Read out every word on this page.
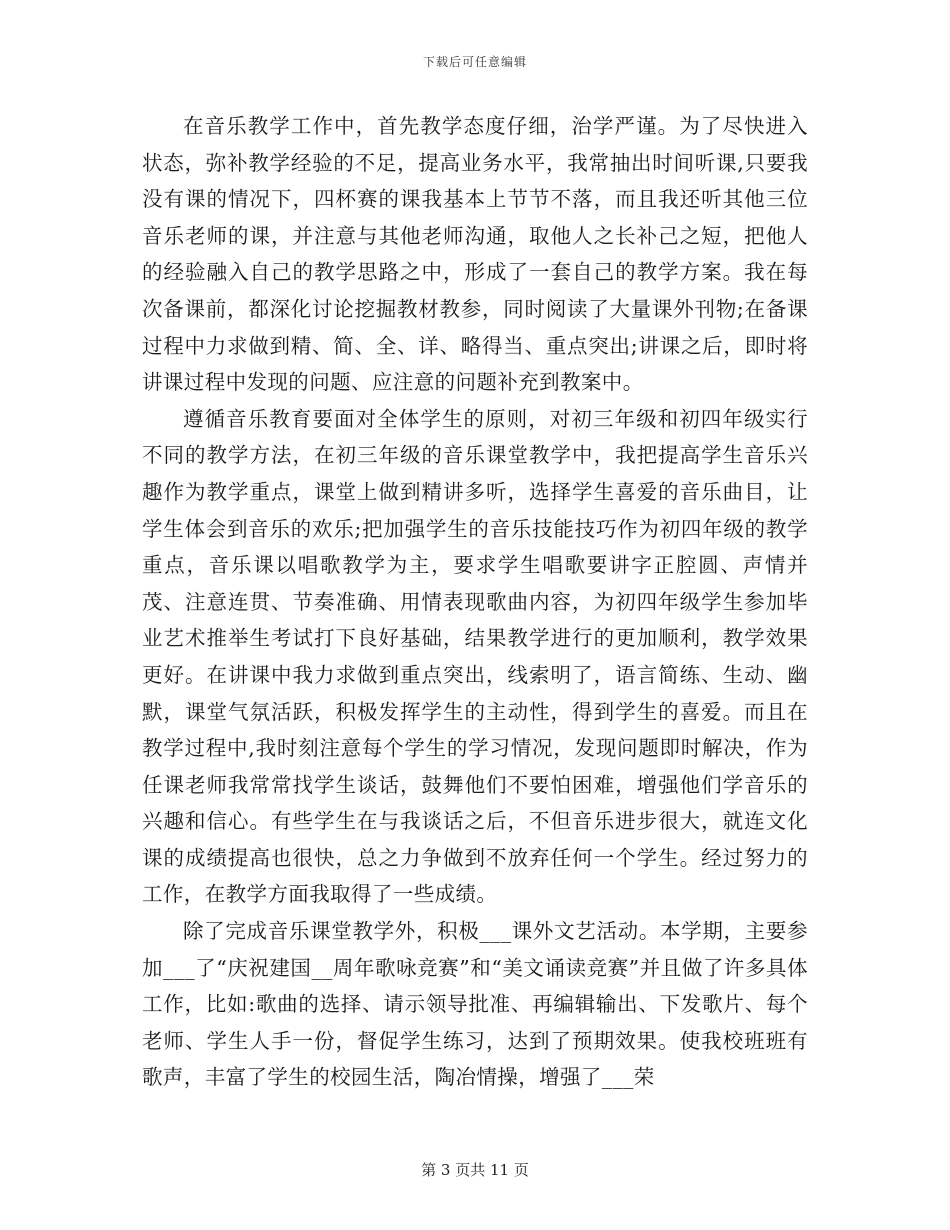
下载后可任意编辑

在音乐教学工作中，首先教学态度仔细，治学严谨。为了尽快进入状态，弥补教学经验的不足，提高业务水平，我常抽出时间听课,只要我没有课的情况下，四杯赛的课我基本上节节不落，而且我还听其他三位音乐老师的课，并注意与其他老师沟通，取他人之长补己之短，把他人的经验融入自己的教学思路之中，形成了一套自己的教学方案。我在每次备课前，都深化讨论挖掘教材教参，同时阅读了大量课外刊物;在备课过程中力求做到精、简、全、详、略得当、重点突出;讲课之后，即时将讲课过程中发现的问题、应注意的问题补充到教案中。

遵循音乐教育要面对全体学生的原则，对初三年级和初四年级实行不同的教学方法，在初三年级的音乐课堂教学中，我把提高学生音乐兴趣作为教学重点，课堂上做到精讲多听，选择学生喜爱的音乐曲目，让学生体会到音乐的欢乐;把加强学生的音乐技能技巧作为初四年级的教学重点，音乐课以唱歌教学为主，要求学生唱歌要讲字正腔圆、声情并茂、注意连贯、节奏准确、用情表现歌曲内容，为初四年级学生参加毕业艺术推举生考试打下良好基础，结果教学进行的更加顺利，教学效果更好。在讲课中我力求做到重点突出，线索明了，语言简练、生动、幽默，课堂气氛活跃，积极发挥学生的主动性，得到学生的喜爱。而且在教学过程中,我时刻注意每个学生的学习情况，发现问题即时解决，作为任课老师我常常找学生谈话，鼓舞他们不要怕困难，增强他们学音乐的兴趣和信心。有些学生在与我谈话之后，不但音乐进步很大，就连文化课的成绩提高也很快，总之力争做到不放弃任何一个学生。经过努力的工作，在教学方面我取得了一些成绩。

除了完成音乐课堂教学外，积极___课外文艺活动。本学期，主要参加___了“庆祝建国__周年歌咏竞赛”和“美文诵读竞赛”并且做了许多具体工作，比如:歌曲的选择、请示领导批准、再编辑输出、下发歌片、每个老师、学生人手一份，督促学生练习，达到了预期效果。使我校班班有歌声，丰富了学生的校园生活，陶冶情操，增强了___荣

第 3 页共 11 页
